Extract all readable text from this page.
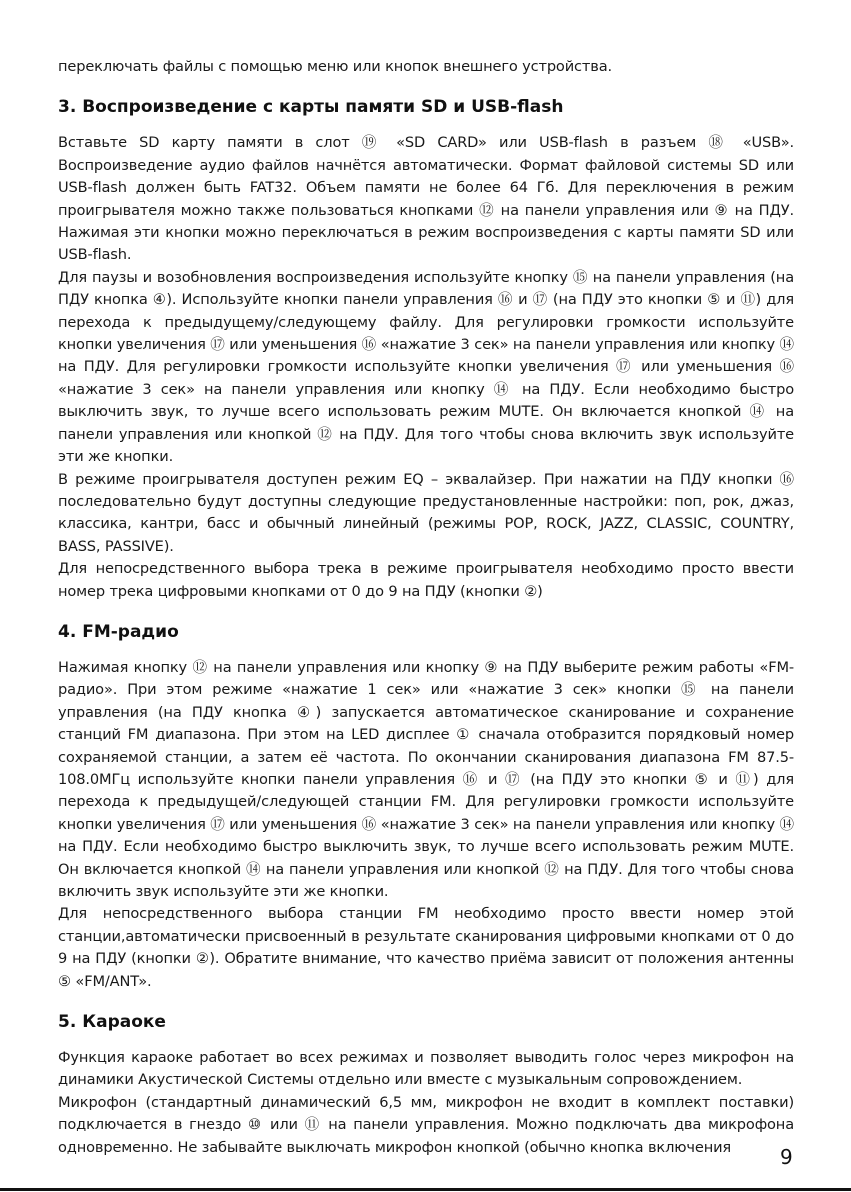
переключать файлы с помощью меню или кнопок внешнего устройства.

3. Воспроизведение с карты памяти SD и USB-flash

Вставьте SD карту памяти в слот ⑲ «SD CARD» или USB-flash в разъем ⑱ «USB». Воспроизведение аудио файлов начнётся автоматически. Формат файловой системы SD или USB-flash должен быть FAT32. Объем памяти не более 64 Гб. Для переключения в режим проигрывателя можно также пользоваться кнопками ⑫ на панели управления или ⑨ на ПДУ. Нажимая эти кнопки можно переключаться в режим воспроизведения с карты памяти SD или USB-flash.

Для паузы и возобновления воспроизведения используйте кнопку ⑮ на панели управления (на ПДУ кнопка ④). Используйте кнопки панели управления ⑯ и ⑰ (на ПДУ это кнопки ⑤ и ⑪) для перехода к предыдущему/следующему файлу. Для регулировки громкости используйте кнопки увеличения ⑰ или уменьшения ⑯ «нажатие 3 сек» на панели управления или кнопку ⑭ на ПДУ. Для регулировки громкости используйте кнопки увеличения ⑰ или уменьшения ⑯ «нажатие 3 сек» на панели управления или кнопку ⑭ на ПДУ. Если необходимо быстро выключить звук, то лучше всего использовать режим MUTE. Он включается кнопкой ⑭ на панели управления или кнопкой ⑫ на ПДУ. Для того чтобы снова включить звук используйте эти же кнопки.

В режиме проигрывателя доступен режим EQ – эквалайзер. При нажатии на ПДУ кнопки ⑯ последовательно будут доступны следующие предустановленные настройки: поп, рок, джаз, классика, кантри, басс и обычный линейный (режимы POP, ROCK, JAZZ, CLASSIC, COUNTRY, BASS, PASSIVE).

Для непосредственного выбора трека в режиме проигрывателя необходимо просто ввести номер трека цифровыми кнопками от 0 до 9 на ПДУ (кнопки ②)

4. FM-радио

Нажимая кнопку ⑫ на панели управления или кнопку ⑨ на ПДУ выберите режим работы «FM-радио». При этом режиме «нажатие 1 сек» или «нажатие 3 сек» кнопки ⑮ на панели управления (на ПДУ кнопка ④) запускается автоматическое сканирование и сохранение станций FM диапазона. При этом на LED дисплее ① сначала отобразится порядковый номер сохраняемой станции, а затем её частота. По окончании сканирования диапазона FM 87.5-108.0МГц используйте кнопки панели управления ⑯ и ⑰ (на ПДУ это кнопки ⑤ и ⑪) для перехода к предыдущей/следующей станции FM. Для регулировки громкости используйте кнопки увеличения ⑰ или уменьшения ⑯ «нажатие 3 сек» на панели управления или кнопку ⑭ на ПДУ. Если необходимо быстро выключить звук, то лучше всего использовать режим MUTE. Он включается кнопкой ⑭ на панели управления или кнопкой ⑫ на ПДУ. Для того чтобы снова включить звук используйте эти же кнопки.

Для непосредственного выбора станции FM необходимо просто ввести номер этой станции,автоматически присвоенный в результате сканирования цифровыми кнопками от 0 до 9 на ПДУ (кнопки ②). Обратите внимание, что качество приёма зависит от положения антенны ⑤ «FM/ANT».

5. Караоке

Функция караоке работает во всех режимах и позволяет выводить голос через микрофон на динамики Акустической Системы отдельно или вместе с музыкальным сопровождением.

Микрофон (стандартный динамический 6,5 мм, микрофон не входит в комплект поставки) подключается в гнездо ⑩ или ⑪ на панели управления. Можно подключать два микрофона одновременно. Не забывайте выключать микрофон кнопкой (обычно кнопка включения	9
